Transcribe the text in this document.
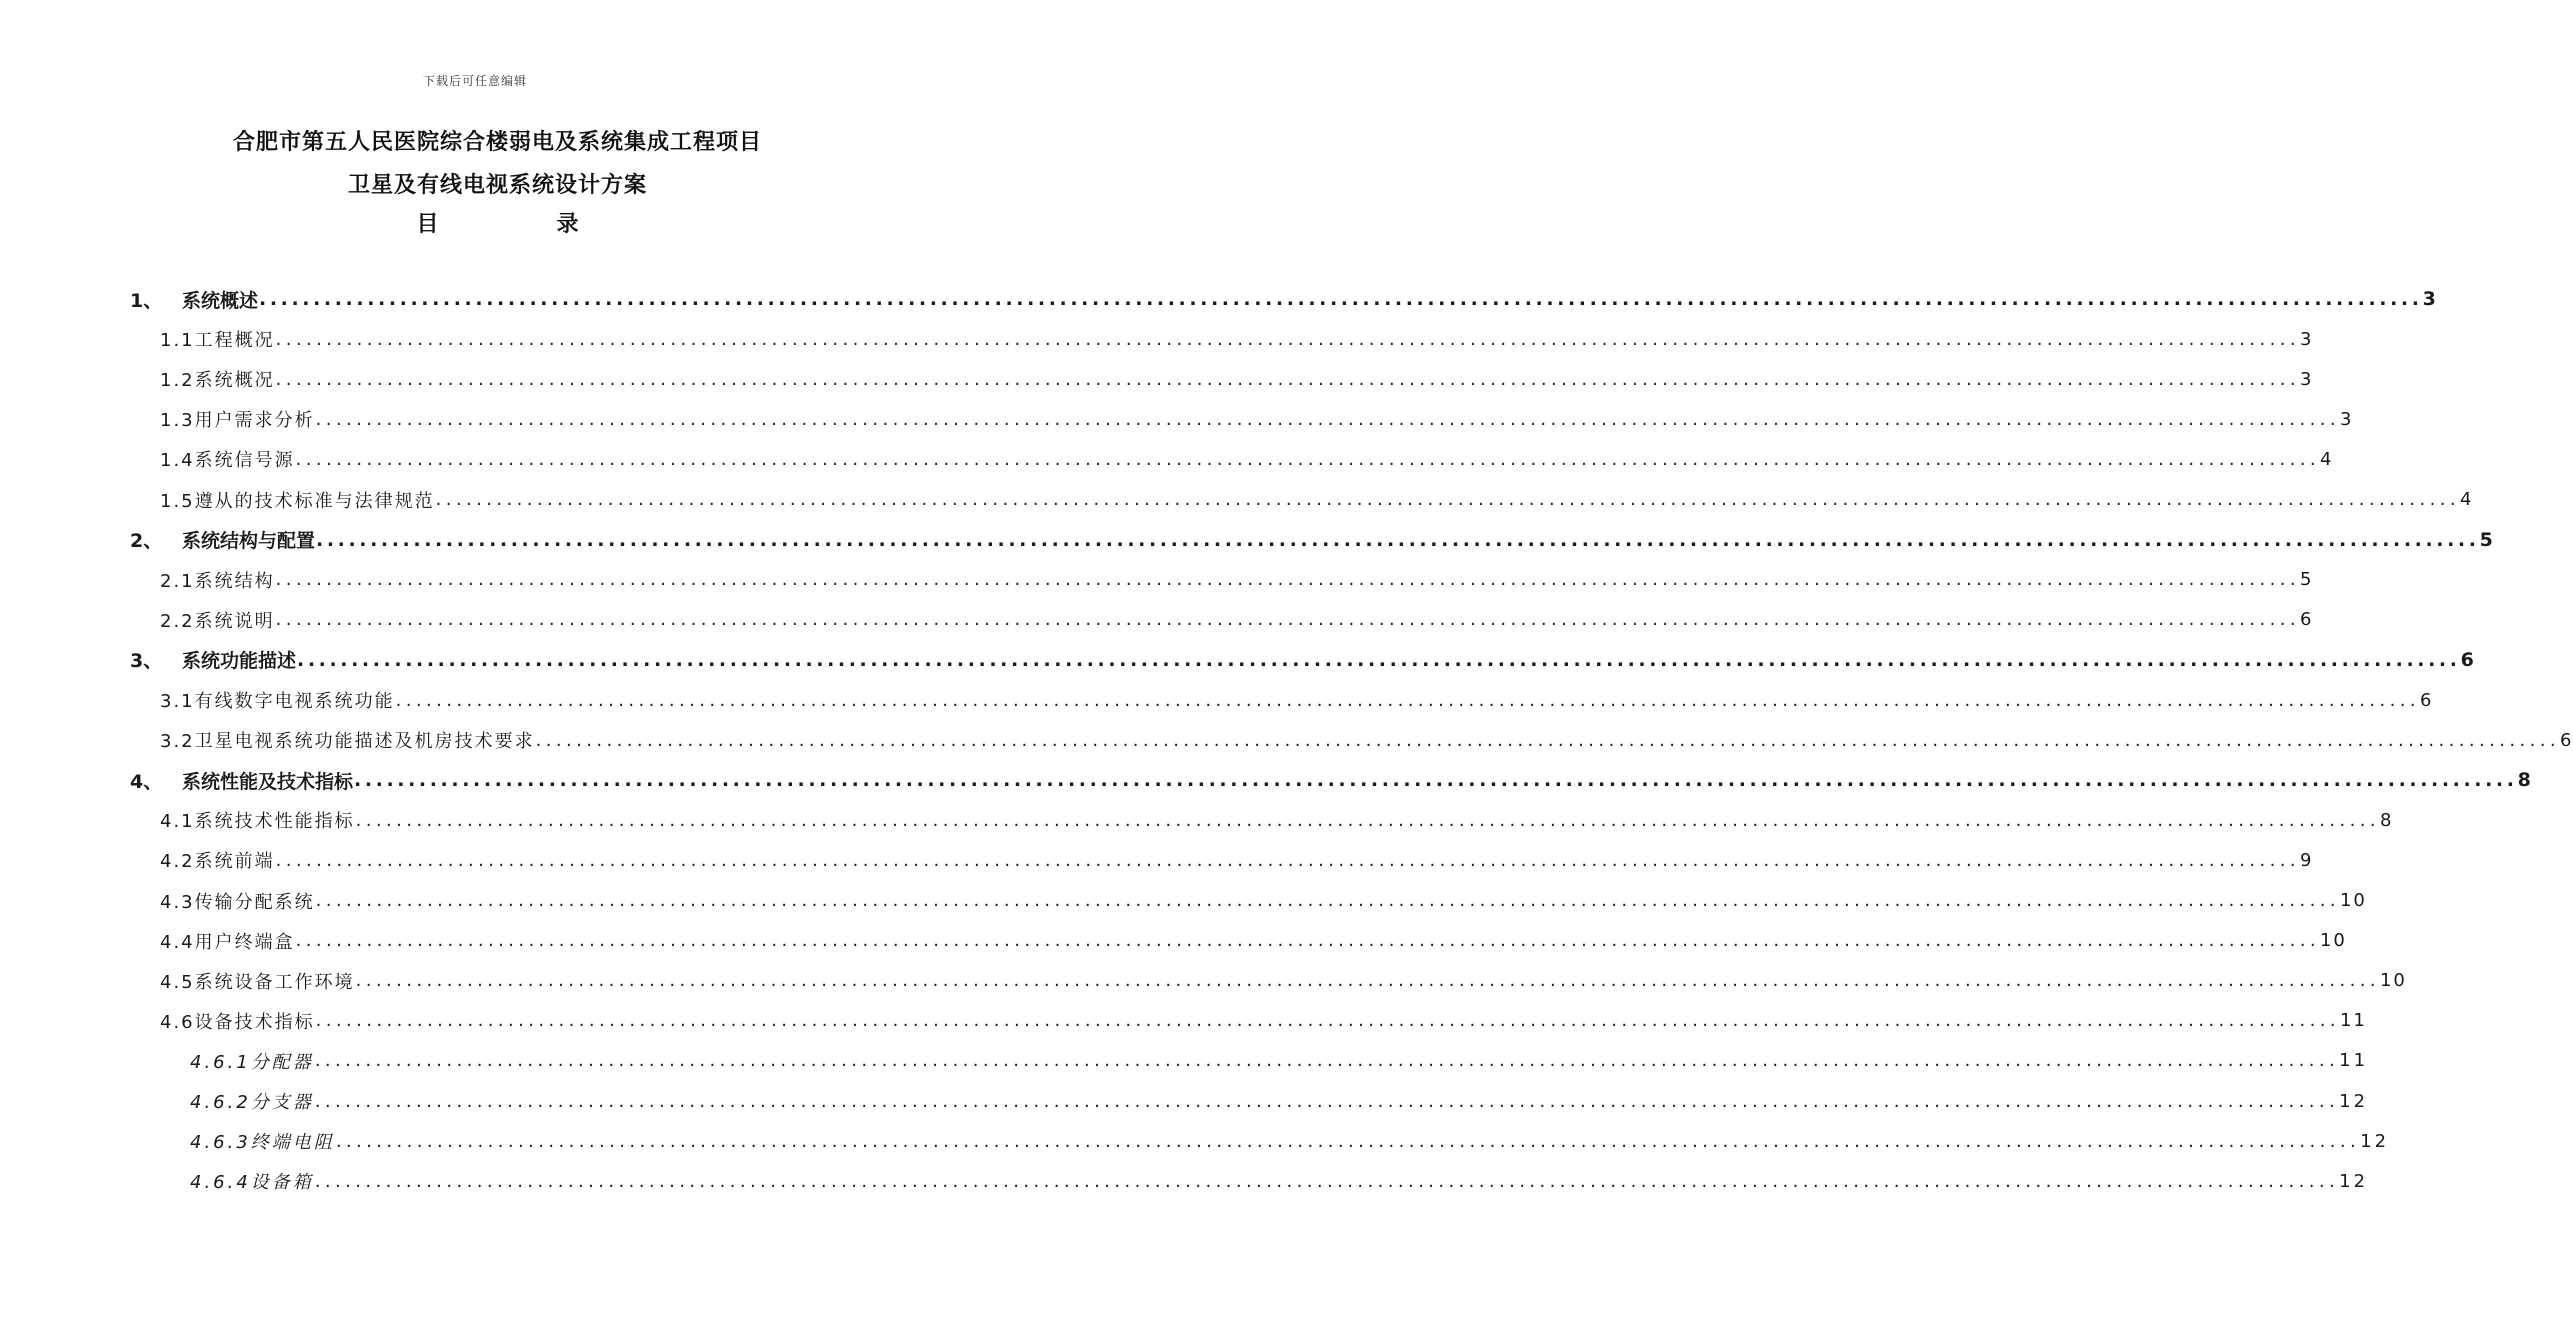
下载后可任意编辑
合肥市第五人民医院综合楼弱电及系统集成工程项目
卫星及有线电视系统设计方案
目	录
1、	系统概述 ........................................................................................................................................................................................................ 3
1.1工程概况 ........................................................................................................................................................................................................ 3
1.2系统概况 ........................................................................................................................................................................................................ 3
1.3用户需求分析 ........................................................................................................................................................................................................ 3
1.4系统信号源 ........................................................................................................................................................................................................ 4
1.5遵从的技术标准与法律规范 ........................................................................................................................................................................................................ 4
2、	系统结构与配置 ........................................................................................................................................................................................................ 5
2.1系统结构 ........................................................................................................................................................................................................ 5
2.2系统说明 ........................................................................................................................................................................................................ 6
3、	系统功能描述 ........................................................................................................................................................................................................ 6
3.1有线数字电视系统功能 ........................................................................................................................................................................................................ 6
3.2卫星电视系统功能描述及机房技术要求 ........................................................................................................................................................................................................ 6
4、	系统性能及技术指标 ........................................................................................................................................................................................................ 8
4.1系统技术性能指标 ........................................................................................................................................................................................................ 8
4.2系统前端 ........................................................................................................................................................................................................ 9
4.3传输分配系统 ........................................................................................................................................................................................................ 10
4.4用户终端盒 ........................................................................................................................................................................................................ 10
4.5系统设备工作环境 ........................................................................................................................................................................................................ 10
4.6设备技术指标 ........................................................................................................................................................................................................ 11
4.6.1分配器 ........................................................................................................................................................................................................ 11
4.6.2分支器 ........................................................................................................................................................................................................ 12
4.6.3终端电阻 ........................................................................................................................................................................................................ 12
4.6.4设备箱 ........................................................................................................................................................................................................ 12
